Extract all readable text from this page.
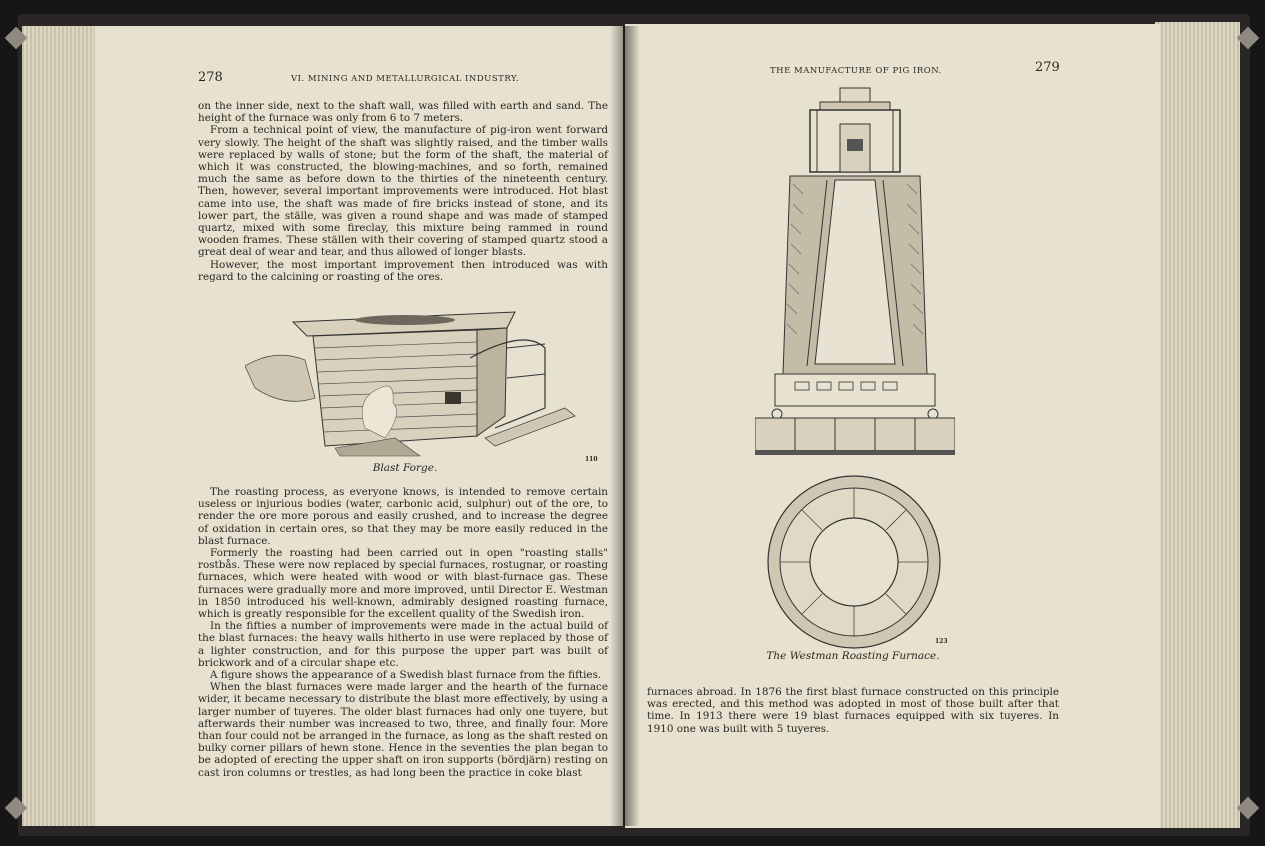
278	VI. MINING AND METALLURGICAL INDUSTRY.

on the inner side, next to the shaft wall, was filled with earth and sand. The height of the furnace was only from 6 to 7 meters.

From a technical point of view, the manufacture of pig-iron went forward very slowly. The height of the shaft was slightly raised, and the timber walls were replaced by walls of stone; but the form of the shaft, the material of which it was constructed, the blowing-machines, and so forth, remained much the same as before down to the thirties of the nineteenth century. Then, however, several important improvements were introduced. Hot blast came into use, the shaft was made of fire bricks instead of stone, and its lower part, the ställe, was given a round shape and was made of stamped quartz, mixed with some fireclay, this mixture being rammed in round wooden frames. These ställen with their covering of stamped quartz stood a great deal of wear and tear, and thus allowed of longer blasts.

However, the most important improvement then introduced was with regard to the calcining or roasting of the ores.

Blast Forge.
110

The roasting process, as everyone knows, is intended to remove certain useless or injurious bodies (water, carbonic acid, sulphur) out of the ore, to render the ore more porous and easily crushed, and to increase the degree of oxidation in certain ores, so that they may be more easily reduced in the blast furnace.

Formerly the roasting had been carried out in open "roasting stalls" rostbås. These were now replaced by special furnaces, rostugnar, or roasting furnaces, which were heated with wood or with blast-furnace gas. These furnaces were gradually more and more improved, until Director E. Westman in 1850 introduced his well-known, admirably designed roasting furnace, which is greatly responsible for the excellent quality of the Swedish iron.

In the fifties a number of improvements were made in the actual build of the blast furnaces: the heavy walls hitherto in use were replaced by those of a lighter construction, and for this purpose the upper part was built of brickwork and of a circular shape etc.

A figure shows the appearance of a Swedish blast furnace from the fifties.

When the blast furnaces were made larger and the hearth of the furnace wider, it became necessary to distribute the blast more effectively, by using a larger number of tuyeres. The older blast furnaces had only one tuyere, but afterwards their number was increased to two, three, and finally four. More than four could not be arranged in the furnace, as long as the shaft rested on bulky corner pillars of hewn stone. Hence in the seventies the plan began to be adopted of erecting the upper shaft on iron supports (bördjärn) resting on cast iron columns or trestles, as had long been the practice in coke blast

THE MANUFACTURE OF PIG IRON.	279
123
The Westman Roasting Furnace.

furnaces abroad. In 1876 the first blast furnace constructed on this principle was erected, and this method was adopted in most of those built after that time. In 1913 there were 19 blast furnaces equipped with six tuyeres. In 1910 one was built with 5 tuyeres.
